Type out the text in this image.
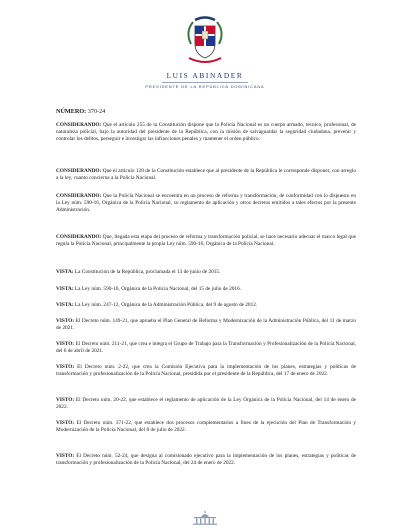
LUIS ABINADER
PRESIDENTE DE LA REPÚBLICA DOMINICANA
NÚMERO: 370-24

CONSIDERANDO: Que el artículo 255 de la Constitución dispone que la Policía Nacional es un cuerpo armado, técnico, profesional, de naturaleza policial, bajo la autoridad del presidente de la República, con la misión de salvaguardar la seguridad ciudadana, prevenir y controlar los delitos, perseguir e investigar las infracciones penales y mantener el orden público.

CONSIDERANDO: Que el artículo 128 de la Constitución establece que al presidente de la República le corresponde disponer, con arreglo a la ley, cuanto concierna a la Policía Nacional.

CONSIDERANDO: Que la Policía Nacional se encuentra en un proceso de reforma y transformación, de conformidad con lo dispuesto en la Ley núm. 590-16, Orgánica de la Policía Nacional, su reglamento de aplicación y otros decretos emitidos a tales efectos por la presente Administración.

CONSIDERANDO: Que, llegada esta etapa del proceso de reforma y transformación policial, se hace necesario adecuar el marco legal que regula la Policía Nacional, principalmente la propia Ley núm. 590-16, Orgánica de la Policía Nacional.

VISTA: La Constitución de la República, proclamada el 13 de junio de 2015.

VISTA: La Ley núm. 590-16, Orgánica de la Policía Nacional, del 15 de julio de 2016.

VISTA: La Ley núm. 247-12, Orgánica de la Administración Pública, del 9 de agosto de 2012.

VISTO: El Decreto núm. 149-21, que aprueba el Plan General de Reforma y Modernización de la Administración Pública, del 11 de marzo de 2021.

VISTO: El Decreto núm. 211-21, que crea e integra el Grupo de Trabajo para la Transformación y Profesionalización de la Policía Nacional, del 6 de abril de 2021.

VISTO: El Decreto núm. 2-22, que crea la Comisión Ejecutiva para la implementación de los planes, estrategias y políticas de transformación y profesionalización de la Policía Nacional, presidida por el presidente de la República, del 17 de enero de 2022.

VISTO: El Decreto núm. 20-22, que establece el reglamento de aplicación de la Ley Orgánica de la Policía Nacional, del 14 de enero de 2022.

VISTO: El Decreto núm. 371-22, que establece dos procesos complementarios a fines de la ejecución del Plan de Transformación y Modernización de la Policía Nacional, del 8 de julio de 2022.

VISTO: El Decreto núm. 52-24, que designa al comisionado ejecutivo para la implementación de los planes, estrategias y políticas de transformación y profesionalización de la Policía Nacional, del 24 de enero de 2022.
